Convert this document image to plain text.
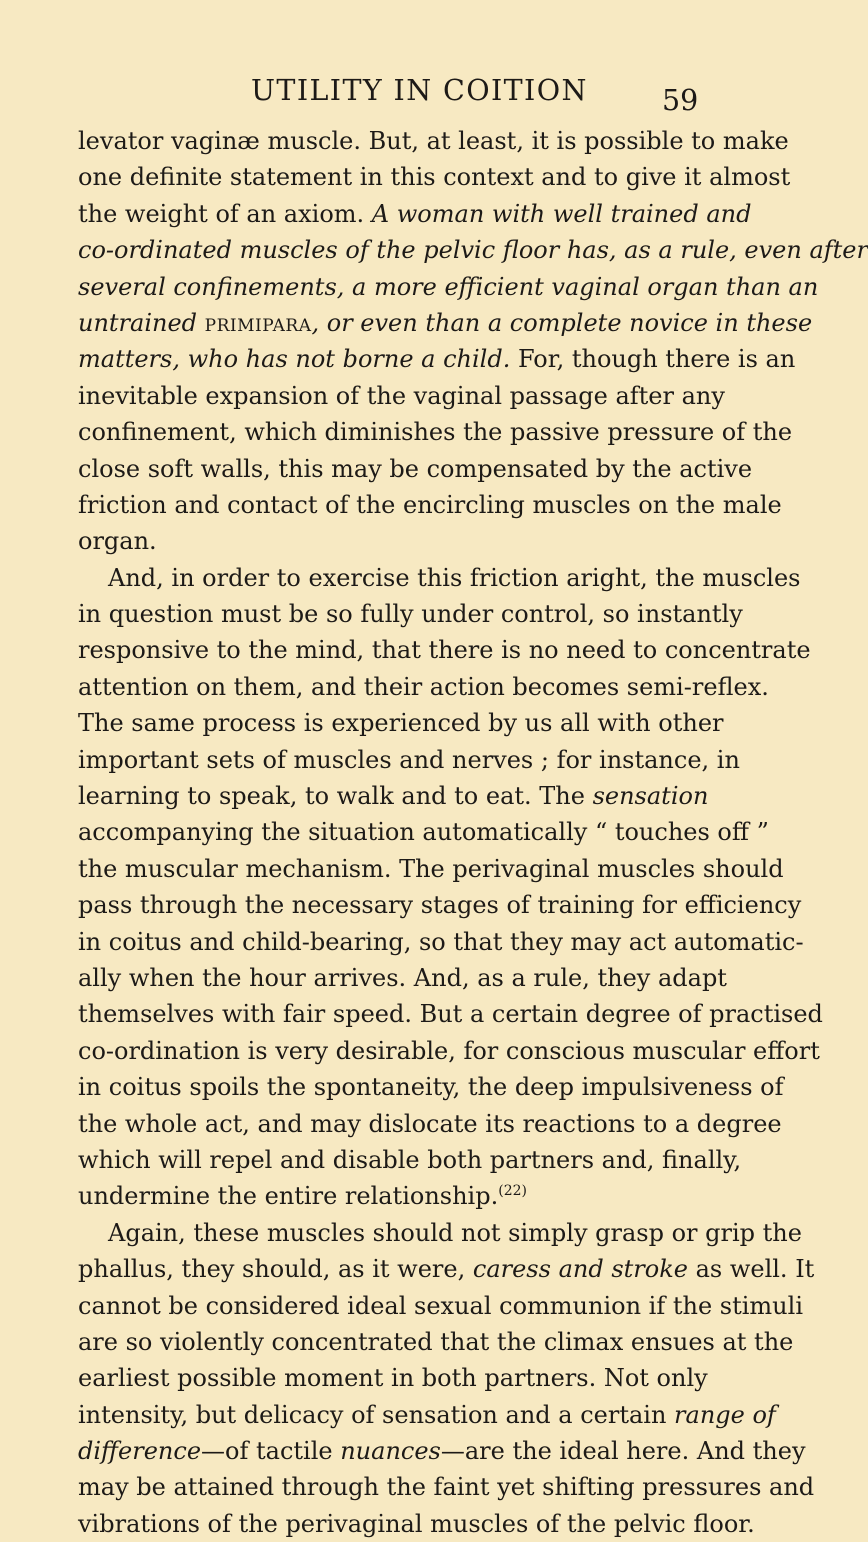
UTILITY IN COITION	59
levator vaginæ muscle. But, at least, it is possible to make
one definite statement in this context and to give it almost
the weight of an axiom. A woman with well trained and
co-ordinated muscles of the pelvic floor has, as a rule, even after
several confinements, a more efficient vaginal organ than an
untrained primipara, or even than a complete novice in these
matters, who has not borne a child. For, though there is an
inevitable expansion of the vaginal passage after any
confinement, which diminishes the passive pressure of the
close soft walls, this may be compensated by the active
friction and contact of the encircling muscles on the male
organ.
And, in order to exercise this friction aright, the muscles
in question must be so fully under control, so instantly
responsive to the mind, that there is no need to concentrate
attention on them, and their action becomes semi-reflex.
The same process is experienced by us all with other
important sets of muscles and nerves ; for instance, in
learning to speak, to walk and to eat. The sensation
accompanying the situation automatically “ touches off ”
the muscular mechanism. The perivaginal muscles should
pass through the necessary stages of training for efficiency
in coitus and child-bearing, so that they may act automatic-
ally when the hour arrives. And, as a rule, they adapt
themselves with fair speed. But a certain degree of practised
co-ordination is very desirable, for conscious muscular effort
in coitus spoils the spontaneity, the deep impulsiveness of
the whole act, and may dislocate its reactions to a degree
which will repel and disable both partners and, finally,
undermine the entire relationship.$^{(22)}$
Again, these muscles should not simply grasp or grip the
phallus, they should, as it were, caress and stroke as well. It
cannot be considered ideal sexual communion if the stimuli
are so violently concentrated that the climax ensues at the
earliest possible moment in both partners. Not only
intensity, but delicacy of sensation and a certain range of
difference—of tactile nuances—are the ideal here. And they
may be attained through the faint yet shifting pressures and
vibrations of the perivaginal muscles of the pelvic floor.
